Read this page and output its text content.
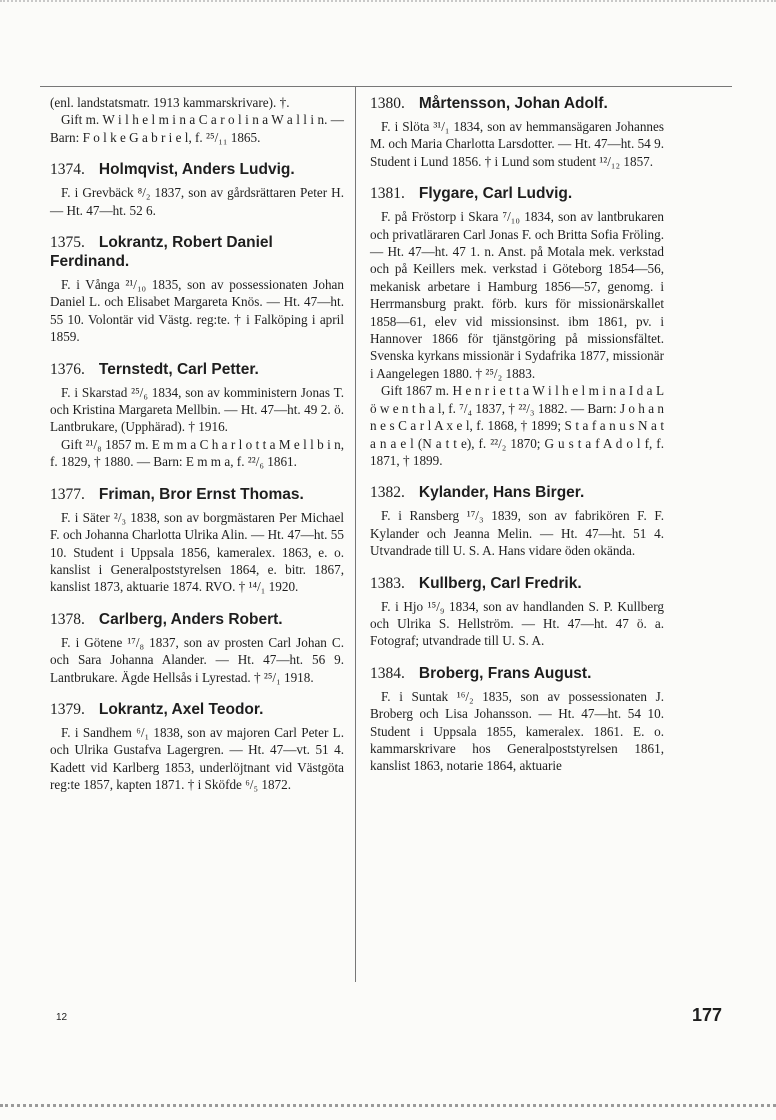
(enl. landstatsmatr. 1913 kammarskrivare). †.

Gift m. W i l h e l m i n a C a r o l i n a W a l l i n. — Barn: F o l k e G a b r i e l, f. ²⁵/₁₁ 1865.

1374. Holmqvist, Anders Ludvig.

F. i Grevbäck ⁸/₂ 1837, son av gårdsrättaren Peter H. — Ht. 47—ht. 52 6.

1375. Lokrantz, Robert Daniel Ferdinand.

F. i Vånga ²¹/₁₀ 1835, son av possessionaten Johan Daniel L. och Elisabet Margareta Knös. — Ht. 47—ht. 55 10. Volontär vid Västg. reg:te. † i Falköping i april 1859.

1376. Ternstedt, Carl Petter.

F. i Skarstad ²⁵/₆ 1834, son av komministern Jonas T. och Kristina Margareta Mellbin. — Ht. 47—ht. 49 2. ö. Lantbrukare, (Upphärad). † 1916.

Gift ²¹/₈ 1857 m. E m m a C h a r l o t t a M e l l b i n, f. 1829, † 1880. — Barn: E m m a, f. ²²/₆ 1861.

1377. Friman, Bror Ernst Thomas.

F. i Säter ²/₃ 1838, son av borgmästaren Per Michael F. och Johanna Charlotta Ulrika Alin. — Ht. 47—ht. 55 10. Student i Uppsala 1856, kameralex. 1863, e. o. kanslist i Generalpoststyrelsen 1864, e. bitr. 1867, kanslist 1873, aktuarie 1874. RVO. † ¹⁴/₁ 1920.

1378. Carlberg, Anders Robert.

F. i Götene ¹⁷/₈ 1837, son av prosten Carl Johan C. och Sara Johanna Alander. — Ht. 47—ht. 56 9. Lantbrukare. Ägde Hellsås i Lyrestad. † ²⁵/₁ 1918.

1379. Lokrantz, Axel Teodor.

F. i Sandhem ⁶/₁ 1838, son av majoren Carl Peter L. och Ulrika Gustafva Lagergren. — Ht. 47—vt. 51 4. Kadett vid Karlberg 1853, underlöjtnant vid Västgöta reg:te 1857, kapten 1871. † i Sköfde ⁶/₅ 1872.

1380. Mårtensson, Johan Adolf.

F. i Slöta ³¹/₁ 1834, son av hemmansägaren Johannes M. och Maria Charlotta Larsdotter. — Ht. 47—ht. 54 9. Student i Lund 1856. † i Lund som student ¹²/₁₂ 1857.

1381. Flygare, Carl Ludvig.

F. på Fröstorp i Skara ⁷/₁₀ 1834, son av lantbrukaren och privatläraren Carl Jonas F. och Britta Sofia Fröling. — Ht. 47—ht. 47 1. n. Anst. på Motala mek. verkstad och på Keillers mek. verkstad i Göteborg 1854—56, mekanisk arbetare i Hamburg 1856—57, genomg. i Herrmansburg prakt. förb. kurs för missionärskallet 1858—61, elev vid missionsinst. ibm 1861, pv. i Hannover 1866 för tjänstgöring på missionsfältet. Svenska kyrkans missionär i Sydafrika 1877, missionär i Aangelegen 1880. † ²⁵/₂ 1883.

Gift 1867 m. H e n r i e t t a W i l h e l m i n a I d a L ö w e n t h a l, f. ⁷/₄ 1837, † ²²/₃ 1882. — Barn: J o h a n n e s C a r l A x e l, f. 1868, † 1899; S t a f a n u s N a t a n a e l (N a t t e), f. ²²/₂ 1870; G u s t a f A d o l f, f. 1871, † 1899.

1382. Kylander, Hans Birger.

F. i Ransberg ¹⁷/₃ 1839, son av fabrikören F. F. Kylander och Jeanna Melin. — Ht. 47—ht. 51 4. Utvandrade till U. S. A. Hans vidare öden okända.

1383. Kullberg, Carl Fredrik.

F. i Hjo ¹⁵/₉ 1834, son av handlanden S. P. Kullberg och Ulrika S. Hellström. — Ht. 47—ht. 47 ö. a. Fotograf; utvandrade till U. S. A.

1384. Broberg, Frans August.

F. i Suntak ¹⁶/₂ 1835, son av possessionaten J. Broberg och Lisa Johansson. — Ht. 47—ht. 54 10. Student i Uppsala 1855, kameralex. 1861. E. o. kammarskrivare hos Generalpoststyrelsen 1861, kanslist 1863, notarie 1864, aktuarie

12	177
